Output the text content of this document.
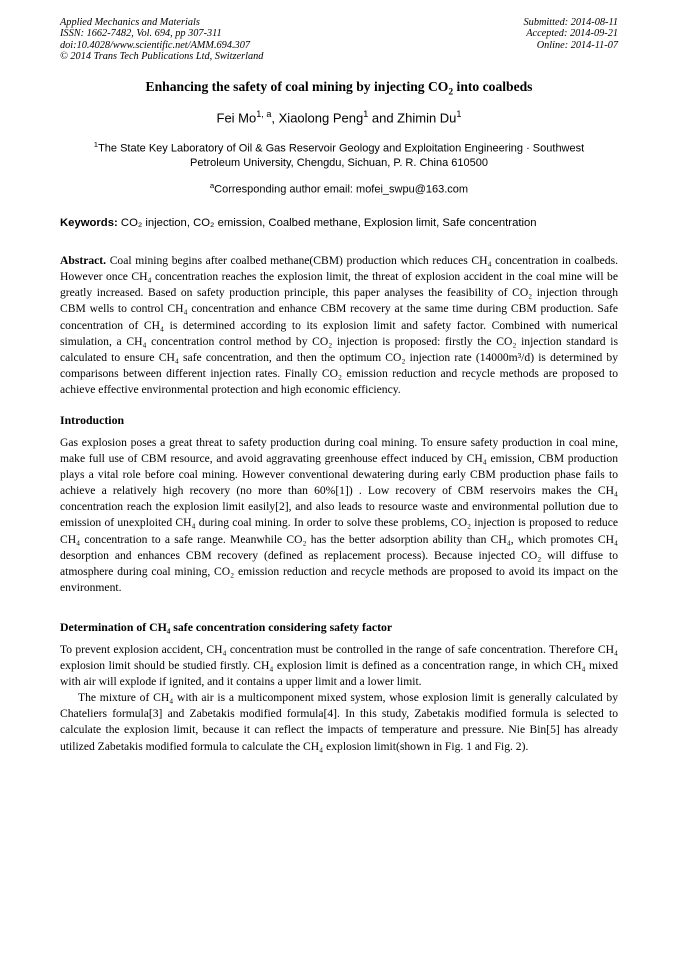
Applied Mechanics and Materials
ISSN: 1662-7482, Vol. 694, pp 307-311
doi:10.4028/www.scientific.net/AMM.694.307
© 2014 Trans Tech Publications Ltd, Switzerland
Submitted: 2014-08-11
Accepted: 2014-09-21
Online: 2014-11-07
Enhancing the safety of coal mining by injecting $CO_2$ into coalbeds
Fei Mo$^{1, a}$, Xiaolong Peng$^1$ and Zhimin Du$^1$
$^1$The State Key Laboratory of Oil & Gas Reservoir Geology and Exploitation Engineering · Southwest Petroleum University, Chengdu, Sichuan, P. R. China 610500
$^a$Corresponding author email: mofei_swpu@163.com

Keywords: CO₂ injection, CO₂ emission, Coalbed methane, Explosion limit, Safe concentration

Abstract. Coal mining begins after coalbed methane(CBM) production which reduces CH₄ concentration in coalbeds. However once CH₄ concentration reaches the explosion limit, the threat of explosion accident in the coal mine will be greatly increased. Based on safety production principle, this paper analyses the feasibility of CO₂ injection through CBM wells to control CH₄ concentration and enhance CBM recovery at the same time during CBM production. Safe concentration of CH₄ is determined according to its explosion limit and safety factor. Combined with numerical simulation, a CH₄ concentration control method by CO₂ injection is proposed: firstly the CO₂ injection standard is calculated to ensure CH₄ safe concentration, and then the optimum CO₂ injection rate (14000m³/d) is determined by comparisons between different injection rates. Finally CO₂ emission reduction and recycle methods are proposed to achieve effective environmental protection and high economic efficiency.

Introduction

Gas explosion poses a great threat to safety production during coal mining. To ensure safety production in coal mine, make full use of CBM resource, and avoid aggravating greenhouse effect induced by CH₄ emission, CBM production plays a vital role before coal mining. However conventional dewatering during early CBM production phase fails to achieve a relatively high recovery (no more than 60%[1]) . Low recovery of CBM reservoirs makes the CH₄ concentration reach the explosion limit easily[2], and also leads to resource waste and environmental pollution due to emission of unexploited CH₄ during coal mining. In order to solve these problems, CO₂ injection is proposed to reduce CH₄ concentration to a safe range. Meanwhile CO₂ has the better adsorption ability than CH₄, which promotes CH₄ desorption and enhances CBM recovery (defined as replacement process). Because injected CO₂ will diffuse to atmosphere during coal mining, CO₂ emission reduction and recycle methods are proposed to avoid its impact on the environment.

Determination of CH₄ safe concentration considering safety factor

To prevent explosion accident, CH₄ concentration must be controlled in the range of safe concentration. Therefore CH₄ explosion limit should be studied firstly. CH₄ explosion limit is defined as a concentration range, in which CH₄ mixed with air will explode if ignited, and it contains a upper limit and a lower limit.

The mixture of CH₄ with air is a multicomponent mixed system, whose explosion limit is generally calculated by Chateliers formula[3] and Zabetakis modified formula[4]. In this study, Zabetakis modified formula is selected to calculate the explosion limit, because it can reflect the impacts of temperature and pressure. Nie Bin[5] has already utilized Zabetakis modified formula to calculate the CH₄ explosion limit(shown in Fig. 1 and Fig. 2).
